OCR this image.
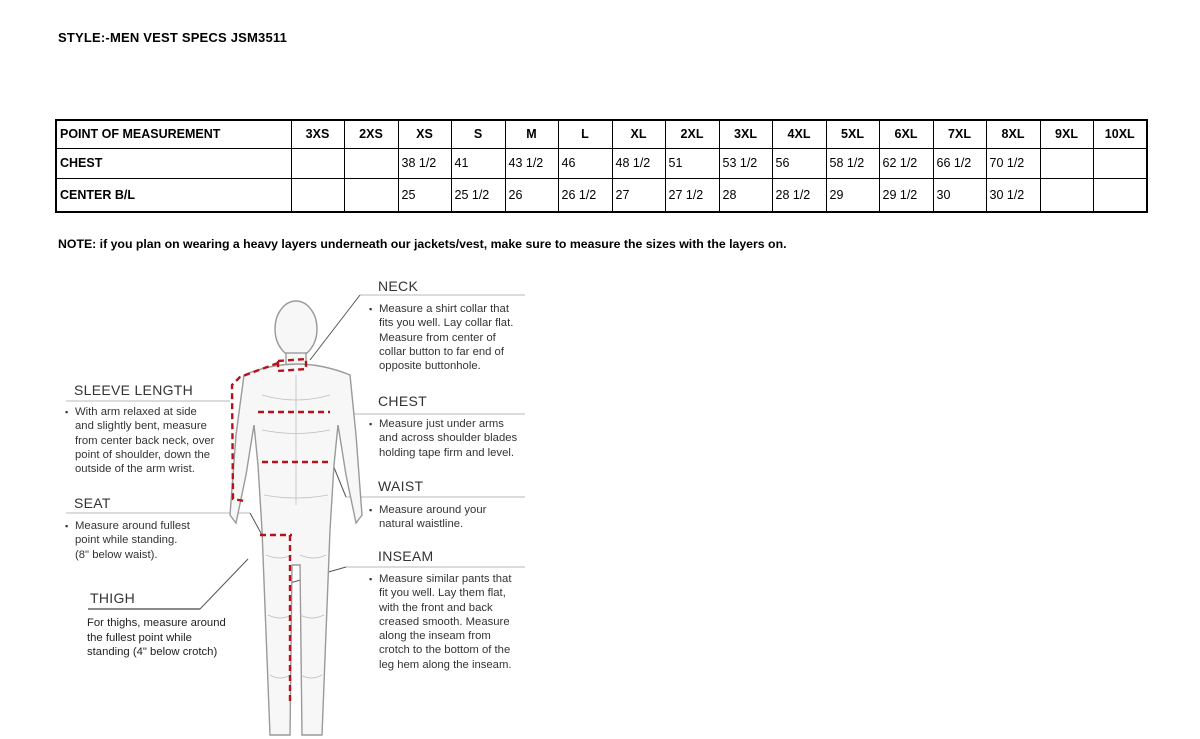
STYLE:-MEN VEST SPECS JSM3511
POINT OF MEASUREMENT	3XS	2XS	XS	S	M	L	XL	2XL	3XL	4XL	5XL	6XL	7XL	8XL	9XL	10XL
CHEST			38 1/2	41	43 1/2	46	48 1/2	51	53 1/2	56	58 1/2	62 1/2	66 1/2	70 1/2		
CENTER B/L			25	25 1/2	26	26 1/2	27	27 1/2	28	28 1/2	29	29 1/2	30	30 1/2		
NOTE: if you plan on wearing a heavy layers underneath our jackets/vest, make sure to measure the sizes with the layers on.
NECK
▪ Measure a shirt collar that
fits you well. Lay collar flat.
Measure from center of
collar button to far end of
opposite buttonhole.
CHEST
▪ Measure just under arms
and across shoulder blades
holding tape firm and level.
WAIST
▪ Measure around your
natural waistline.
INSEAM
▪ Measure similar pants that
fit you well. Lay them flat,
with the front and back
creased smooth. Measure
along the inseam from
crotch to the bottom of the
leg hem along the inseam.
SLEEVE LENGTH
▪ With arm relaxed at side
and slightly bent, measure
from center back neck, over
point of shoulder, down the
outside of the arm wrist.
SEAT
▪ Measure around fullest
point while standing.
(8" below waist).
THIGH
For thighs, measure around
the fullest point while
standing (4" below crotch)
